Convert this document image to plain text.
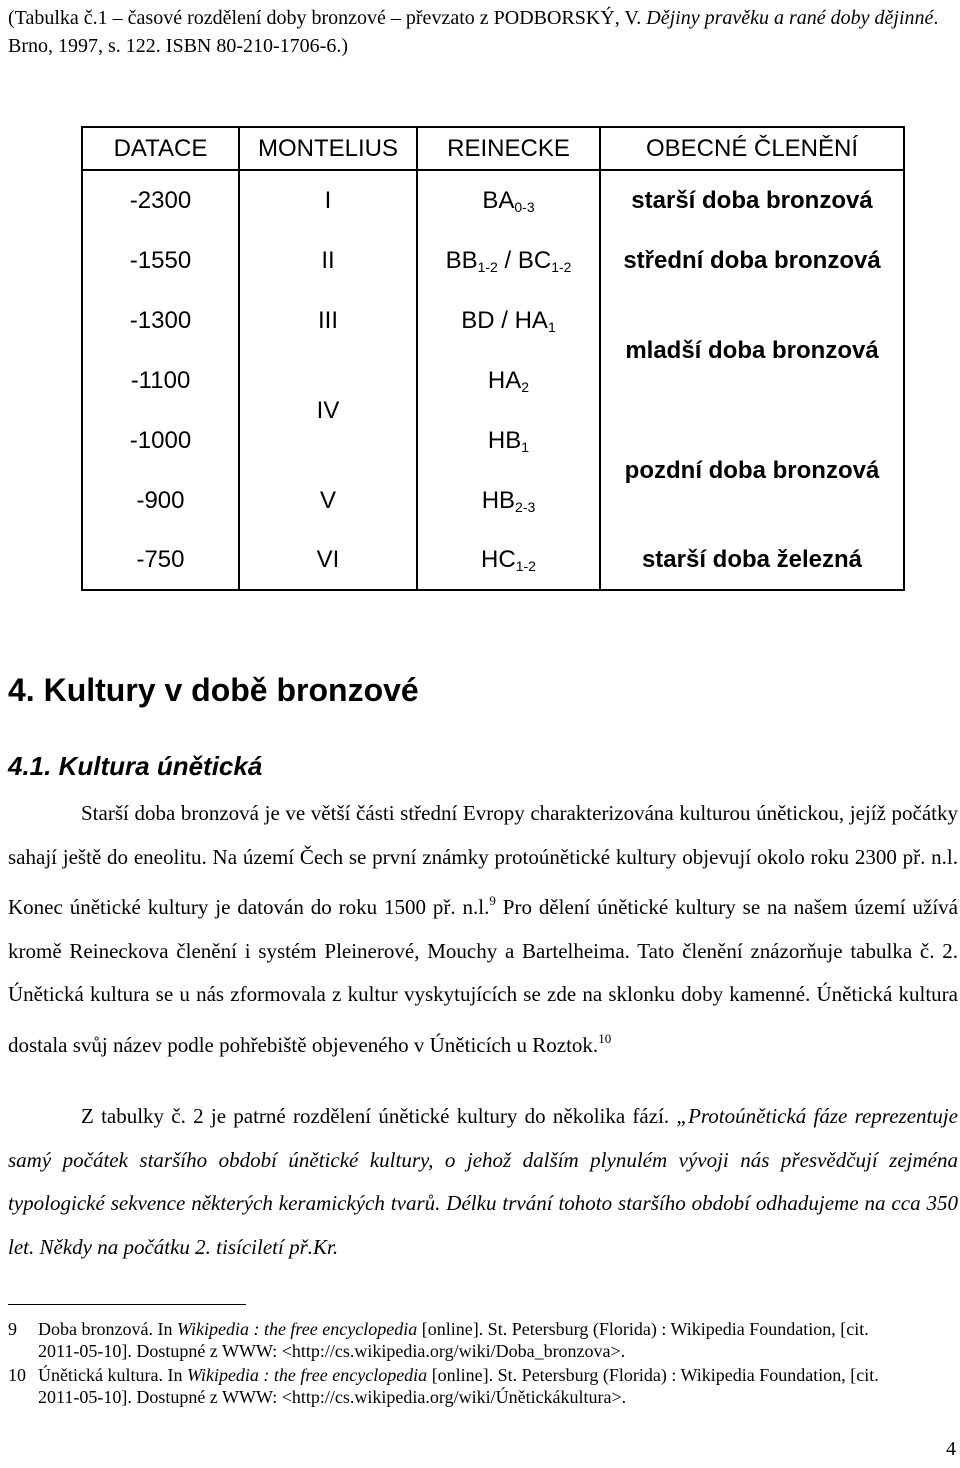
(Tabulka č.1 – časové rozdělení doby bronzové – převzato z PODBORSKÝ, V. Dějiny pravěku a rané doby dějinné. Brno, 1997, s. 122. ISBN 80-210-1706-6.)
DATACE	MONTELIUS	REINECKE	OBECNÉ ČLENĚNÍ
-2300	I	$BA_{0-3}$	starší doba bronzová
-1550	II	$BB_{1-2} / BC_{1-2}$	střední doba bronzová
-1300	III	BD / $HA_1$	mladší doba bronzová
-1100	IV	$HA_2$
-1000		$HB_1$	pozdní doba bronzová
-900	V	$HB_{2-3}$
-750	VI	$HC_{1-2}$	starší doba železná
4. Kultury v době bronzové
4.1. Kultura únětická
Starší doba bronzová je ve větší části střední Evropy charakterizována kulturou únětickou, jejíž počátky sahají ještě do eneolitu. Na území Čech se první známky protoúnětické kultury objevují okolo roku 2300 př. n.l. Konec únětické kultury je datován do roku 1500 př. n.l.$^9$ Pro dělení únětické kultury se na našem území užívá kromě Reineckova členění i systém Pleinerové, Mouchy a Bartelheima. Tato členění znázorňuje tabulka č. 2. Únětická kultura se u nás zformovala z kultur vyskytujících se zde na sklonku doby kamenné. Únětická kultura dostala svůj název podle pohřebiště objeveného v Úněticích u Roztok.$^{10}$
Z tabulky č. 2 je patrné rozdělení únětické kultury do několika fází. „Protoúnětická fáze reprezentuje samý počátek staršího období únětické kultury, o jehož dalším plynulém vývoji nás přesvědčují zejména typologické sekvence některých keramických tvarů. Délku trvání tohoto staršího období odhadujeme na cca 350 let. Někdy na počátku 2. tisíciletí př.Kr.
9 Doba bronzová. In Wikipedia : the free encyclopedia [online]. St. Petersburg (Florida) : Wikipedia Foundation, [cit. 2011-05-10]. Dostupné z WWW: <http://cs.wikipedia.org/wiki/Doba_bronzova>.
10 Únětická kultura. In Wikipedia : the free encyclopedia [online]. St. Petersburg (Florida) : Wikipedia Foundation, [cit. 2011-05-10]. Dostupné z WWW: <http://cs.wikipedia.org/wiki/Únětickákultura>.
4
